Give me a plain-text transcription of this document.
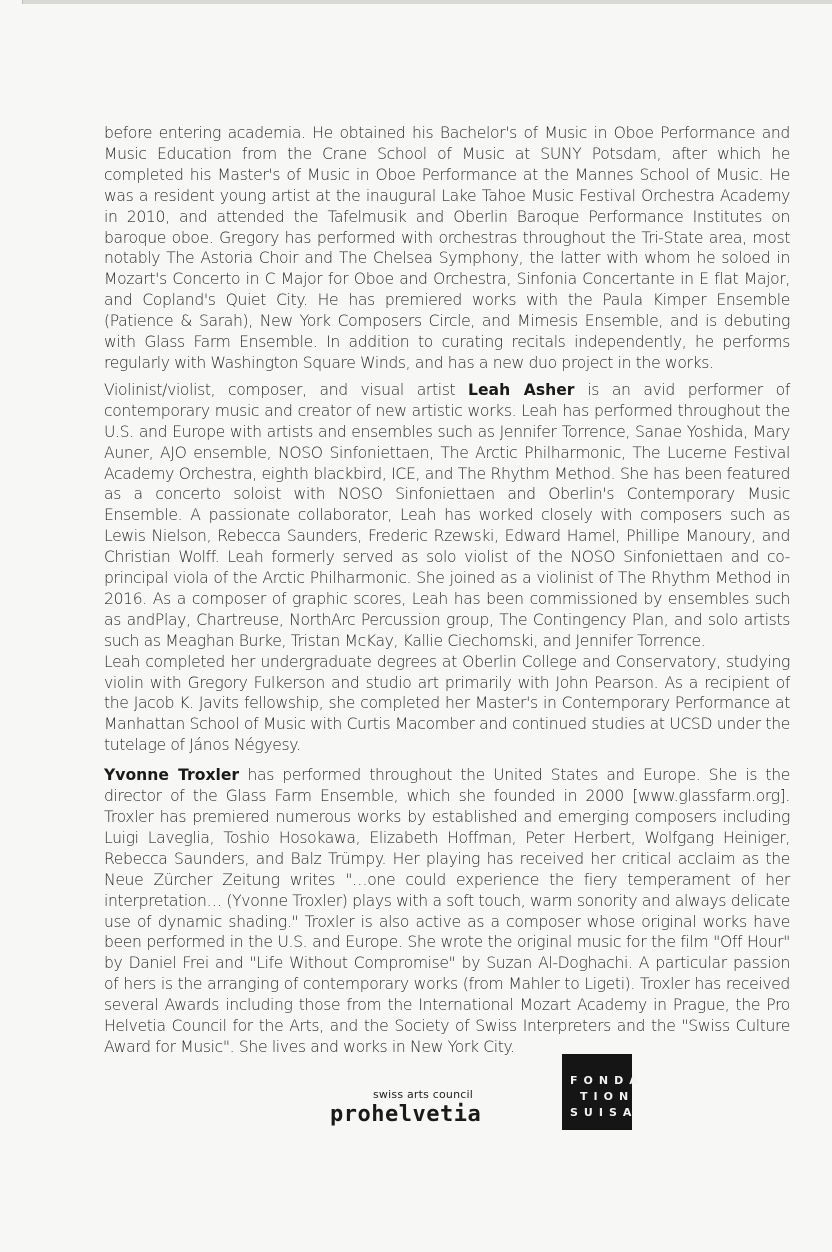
before entering academia. He obtained his Bachelor's of Music in Oboe Performance and Music Education from the Crane School of Music at SUNY Potsdam, after which he completed his Master's of Music in Oboe Performance at the Mannes School of Music. He was a resident young artist at the inaugural Lake Tahoe Music Festival Orchestra Academy in 2010, and attended the Tafelmusik and Oberlin Baroque Performance Institutes on baroque oboe. Gregory has performed with orchestras throughout the Tri-State area, most notably The Astoria Choir and The Chelsea Symphony, the latter with whom he soloed in Mozart's Concerto in C Major for Oboe and Orchestra, Sinfonia Concertante in E flat Major, and Copland's Quiet City. He has premiered works with the Paula Kimper Ensemble (Patience & Sarah), New York Composers Circle, and Mimesis Ensemble, and is debuting with Glass Farm Ensemble. In addition to curating recitals independently, he performs regularly with Washington Square Winds, and has a new duo project in the works.

Violinist/violist, composer, and visual artist Leah Asher is an avid performer of contemporary music and creator of new artistic works. Leah has performed throughout the U.S. and Europe with artists and ensembles such as Jennifer Torrence, Sanae Yoshida, Mary Auner, AJO ensemble, NOSO Sinfoniettaen, The Arctic Philharmonic, The Lucerne Festival Academy Orchestra, eighth blackbird, ICE, and The Rhythm Method. She has been featured as a concerto soloist with NOSO Sinfoniettaen and Oberlin's Contemporary Music Ensemble. A passionate collaborator, Leah has worked closely with composers such as Lewis Nielson, Rebecca Saunders, Frederic Rzewski, Edward Hamel, Phillipe Manoury, and Christian Wolff. Leah formerly served as solo violist of the NOSO Sinfoniettaen and co-principal viola of the Arctic Philharmonic. She joined as a violinist of The Rhythm Method in 2016. As a composer of graphic scores, Leah has been commissioned by ensembles such as andPlay, Chartreuse, NorthArc Percussion group, The Contingency Plan, and solo artists such as Meaghan Burke, Tristan McKay, Kallie Ciechomski, and Jennifer Torrence.

Leah completed her undergraduate degrees at Oberlin College and Conservatory, studying violin with Gregory Fulkerson and studio art primarily with John Pearson. As a recipient of the Jacob K. Javits fellowship, she completed her Master's in Contemporary Performance at Manhattan School of Music with Curtis Macomber and continued studies at UCSD under the tutelage of János Négyesy.

Yvonne Troxler has performed throughout the United States and Europe. She is the director of the Glass Farm Ensemble, which she founded in 2000 [www.glassfarm.org]. Troxler has premiered numerous works by established and emerging composers including Luigi Laveglia, Toshio Hosokawa, Elizabeth Hoffman, Peter Herbert, Wolfgang Heiniger, Rebecca Saunders, and Balz Trümpy. Her playing has received her critical acclaim as the Neue Zürcher Zeitung writes "…one could experience the fiery temperament of her interpretation… (Yvonne Troxler) plays with a soft touch, warm sonority and always delicate use of dynamic shading." Troxler is also active as a composer whose original works have been performed in the U.S. and Europe. She wrote the original music for the film "Off Hour" by Daniel Frei and "Life Without Compromise" by Suzan Al-Doghachi. A particular passion of hers is the arranging of contemporary works (from Mahler to Ligeti). Troxler has received several Awards including those from the International Mozart Academy in Prague, the Pro Helvetia Council for the Arts, and the Society of Swiss Interpreters and the "Swiss Culture Award for Music". She lives and works in New York City.

swiss arts council
prohelvetia
FONDA
TION
SUISA
